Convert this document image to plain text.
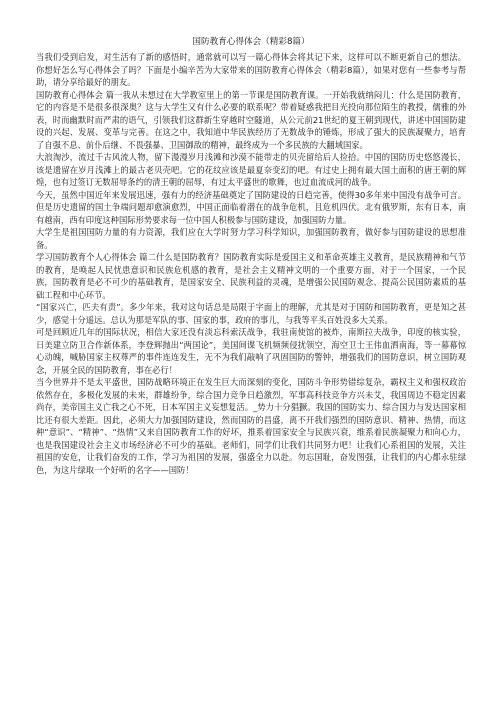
国防教育心得体会（精彩8篇）

当我们受到启发，对生活有了新的感悟时，通常就可以写一篇心得体会将其记下来，这样可以不断更新自己的想法。你想好怎么写心得体会了吗？下面是小编辛苦为大家带来的国防教育心得体会（精彩8篇），如果对您有一些参考与帮助，请分享给最好的朋友。

国防教育心得体会 篇一我从未想过在大学教室里上的第一节课是国防教育课。一开始我就纳闷儿：什么是国防教育，它的内容是不是很多很深奥？这与大学生又有什么必要的联系呢？带着疑惑我把目光投向那位陌生的教授，儒雅的外表，时而幽默时而严肃的语气，引领我们这群新生穿越时空隧道，从公元前21世纪的夏王朝到现代，讲述中国国防建设的兴起、发展、变革与完善。在这之中，我知道中华民族经历了无数战争的锤炼，形成了强大的民族凝聚力，培育了自强不息、前仆后继、不畏强暴、卫国御敌的精神，最终成为一个多民族的大翻域国家。

大浪淘沙，流过千古风流人物，留下漫漫岁月浅滩和沙漠不能带走的贝壳留给后人捡拾。中国的国防历史悠悠漫长，该是遗留在岁月浅滩上的最古老贝壳吧。它的花纹应该是最夏奈变幻的吧。有过史上拥有最大国土面积的唐王朝的辉煌，也有过签订无数屈辱条约的清王朝的屈辱，有过太平盛世的歌舞，也过血流成河的战争。

今天，虽然中国近年来发展迅速，强有力的经济基础奠定了国防建设的日趋完善，使得30多年来中国没有战争可言。但是历史遗留的国土争端问题却愈演愈烈，中国正面临着潜在的战争危机，且危机四伏。北有俄罗斯，东有日本，南有越南，西有印度这种国际形势要求每一位中国人积极参与国防建设，加强国防力量。

大学生是祖国国防力量的有力资源，我们应在大学时努力学习科学知识，加强国防教育，做好参与国防建设的思想准备。

学习国防教育个人心得体会 篇二什么是国防教育？国防教育实际是爱国主义和革命英雄主义教育，是民族精神和气节的教育，是唤起人民忧患意识和民族危机感的教育，是社会主义精神文明的一个重要方面，对于一个国家，一个民族，国防教育是必不可少的基础教育，是国家安全、民族利益的灵魂，是增强公民国防观念、提高公民国防素质的基础工程和中心环节。

“国家兴亡，匹夫有责”。多少年来，我对这句话总是局限于字面上的理解，尤其是对于国防和国防教育，更是知之甚少，感觉十分遥远。总认为那是军队的事、国家的事，政府的事儿，与我等平头百姓没多大关系。

可是回顾近几年的国际状况，相信大家还没有淡忘科索沃战争，我驻南使馆的被炸，南斯拉夫战争，印度的核实验，日美建立防卫合作新体系，李登辉抛出“两国论”，美国间谍飞机频频侵扰领空，海空卫士王伟血洒南海，等一幕幕惊心动魄，喊胁国家主权尊严的事件连连发生，无不为我们敲响了巩固国防的警钟，增强我们的国防意识，树立国防观念，开展全民的国防教育，事在必行！

当今世界并不是太平盛世，国防战略环境正在发生巨大而深刻的变化，国防斗争形势错综复杂，霸权主义和强权政治依然存在，多极化发展的未来，群雄纷争，综合国力竞争日趋激烈，军事高科技竞争方兴未艾，我国周边不稳定因素尚存，美帝国主义亡我之心不死，日本军国主义妄想复活。_势力十分猖獗。我国的国防实力、综合国力与发达国家相比还有很大差距。因此，必须大力加强国防建设，然而国防的昌盛，离不开我们强烈的国防意识、精神、热情，而这种“意识”、“精神”、“热情”又来自国防教育工作的好坏，推系着国家安全与民族兴衰，维系着民族凝聚力和向心力，也是我国建设社会主义市场经济必不可少的基础。老师们，同学们让我们共同努力吧！让我们心系祖国的发展，关注祖国的安危，让我们奋发的工作，学习为祖国的发展，强盛全力以赴。勿忘国耻，奋发图强，让我们的内心都永驻绿色，为这片绿取一个好听的名字——国防！
